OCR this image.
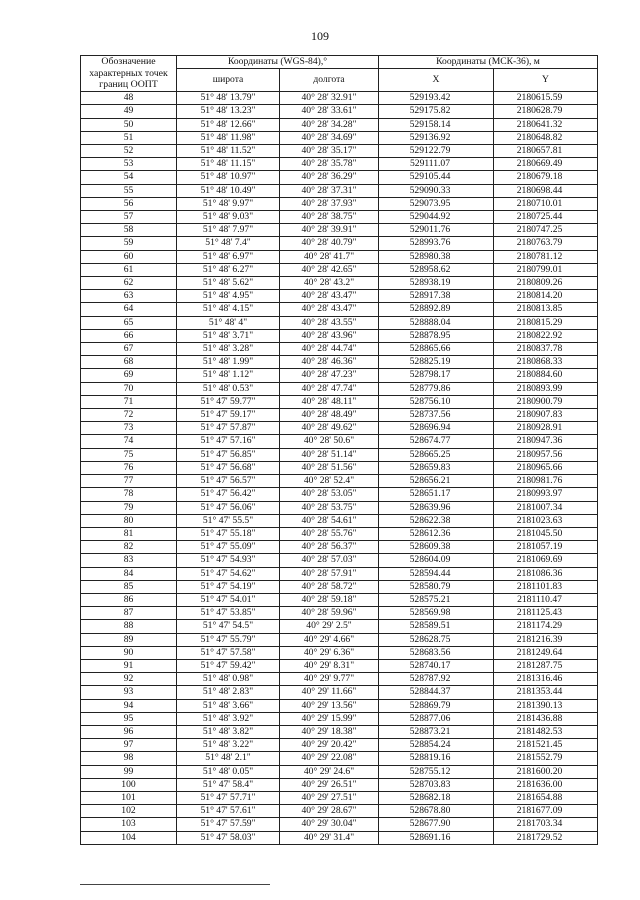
109
Обозначение характерных точек границ ООПТ	Координаты (WGS-84),°		Координаты (МСК-36), м	
	широта	долгота	X	Y
48	51° 48' 13.79"	40° 28' 32.91"	529193.42	2180615.59
49	51° 48' 13.23"	40° 28' 33.61"	529175.82	2180628.79
50	51° 48' 12.66"	40° 28' 34.28"	529158.14	2180641.32
51	51° 48' 11.98"	40° 28' 34.69"	529136.92	2180648.82
52	51° 48' 11.52"	40° 28' 35.17"	529122.79	2180657.81
53	51° 48' 11.15"	40° 28' 35.78"	529111.07	2180669.49
54	51° 48' 10.97"	40° 28' 36.29"	529105.44	2180679.18
55	51° 48' 10.49"	40° 28' 37.31"	529090.33	2180698.44
56	51° 48' 9.97"	40° 28' 37.93"	529073.95	2180710.01
57	51° 48' 9.03"	40° 28' 38.75"	529044.92	2180725.44
58	51° 48' 7.97"	40° 28' 39.91"	529011.76	2180747.25
59	51° 48' 7.4"	40° 28' 40.79"	528993.76	2180763.79
60	51° 48' 6.97"	40° 28' 41.7"	528980.38	2180781.12
61	51° 48' 6.27"	40° 28' 42.65"	528958.62	2180799.01
62	51° 48' 5.62"	40° 28' 43.2"	528938.19	2180809.26
63	51° 48' 4.95"	40° 28' 43.47"	528917.38	2180814.20
64	51° 48' 4.15"	40° 28' 43.47"	528892.89	2180813.85
65	51° 48' 4"	40° 28' 43.55"	528888.04	2180815.29
66	51° 48' 3.71"	40° 28' 43.96"	528878.95	2180822.92
67	51° 48' 3.28"	40° 28' 44.74"	528865.66	2180837.78
68	51° 48' 1.99"	40° 28' 46.36"	528825.19	2180868.33
69	51° 48' 1.12"	40° 28' 47.23"	528798.17	2180884.60
70	51° 48' 0.53"	40° 28' 47.74"	528779.86	2180893.99
71	51° 47' 59.77"	40° 28' 48.11"	528756.10	2180900.79
72	51° 47' 59.17"	40° 28' 48.49"	528737.56	2180907.83
73	51° 47' 57.87"	40° 28' 49.62"	528696.94	2180928.91
74	51° 47' 57.16"	40° 28' 50.6"	528674.77	2180947.36
75	51° 47' 56.85"	40° 28' 51.14"	528665.25	2180957.56
76	51° 47' 56.68"	40° 28' 51.56"	528659.83	2180965.66
77	51° 47' 56.57"	40° 28' 52.4"	528656.21	2180981.76
78	51° 47' 56.42"	40° 28' 53.05"	528651.17	2180993.97
79	51° 47' 56.06"	40° 28' 53.75"	528639.96	2181007.34
80	51° 47' 55.5"	40° 28' 54.61"	528622.38	2181023.63
81	51° 47' 55.18"	40° 28' 55.76"	528612.36	2181045.50
82	51° 47' 55.09"	40° 28' 56.37"	528609.38	2181057.19
83	51° 47' 54.93"	40° 28' 57.03"	528604.09	2181069.69
84	51° 47' 54.62"	40° 28' 57.91"	528594.44	2181086.36
85	51° 47' 54.19"	40° 28' 58.72"	528580.79	2181101.83
86	51° 47' 54.01"	40° 28' 59.18"	528575.21	2181110.47
87	51° 47' 53.85"	40° 28' 59.96"	528569.98	2181125.43
88	51° 47' 54.5"	40° 29' 2.5"	528589.51	2181174.29
89	51° 47' 55.79"	40° 29' 4.66"	528628.75	2181216.39
90	51° 47' 57.58"	40° 29' 6.36"	528683.56	2181249.64
91	51° 47' 59.42"	40° 29' 8.31"	528740.17	2181287.75
92	51° 48' 0.98"	40° 29' 9.77"	528787.92	2181316.46
93	51° 48' 2.83"	40° 29' 11.66"	528844.37	2181353.44
94	51° 48' 3.66"	40° 29' 13.56"	528869.79	2181390.13
95	51° 48' 3.92"	40° 29' 15.99"	528877.06	2181436.88
96	51° 48' 3.82"	40° 29' 18.38"	528873.21	2181482.53
97	51° 48' 3.22"	40° 29' 20.42"	528854.24	2181521.45
98	51° 48' 2.1"	40° 29' 22.08"	528819.16	2181552.79
99	51° 48' 0.05"	40° 29' 24.6"	528755.12	2181600.20
100	51° 47' 58.4"	40° 29' 26.51"	528703.83	2181636.00
101	51° 47' 57.71"	40° 29' 27.51"	528682.18	2181654.88
102	51° 47' 57.61"	40° 29' 28.67"	528678.80	2181677.09
103	51° 47' 57.59"	40° 29' 30.04"	528677.90	2181703.34
104	51° 47' 58.03"	40° 29' 31.4"	528691.16	2181729.52
